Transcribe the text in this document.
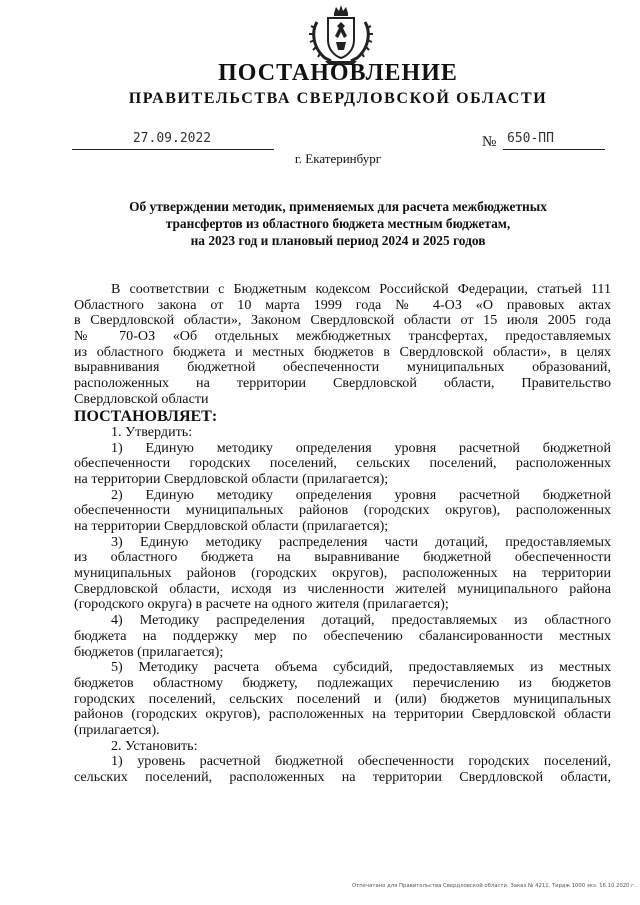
ПОСТАНОВЛЕНИЕ
ПРАВИТЕЛЬСТВА СВЕРДЛОВСКОЙ ОБЛАСТИ
27.09.2022	№ 650-ПП
г. Екатеринбург
Об утверждении методик, применяемых для расчета межбюджетных
трансфертов из областного бюджета местным бюджетам,
на 2023 год и плановый период 2024 и 2025 годов
В соответствии с Бюджетным кодексом Российской Федерации, статьей 111
Областного закона от 10 марта 1999 года № 4-ОЗ «О правовых актах
в Свердловской области», Законом Свердловской области от 15 июля 2005 года
№ 70-ОЗ «Об отдельных межбюджетных трансфертах, предоставляемых
из областного бюджета и местных бюджетов в Свердловской области», в целях
выравнивания бюджетной обеспеченности муниципальных образований,
расположенных на территории Свердловской области, Правительство
Свердловской области
ПОСТАНОВЛЯЕТ:
1. Утвердить:
1) Единую методику определения уровня расчетной бюджетной
обеспеченности городских поселений, сельских поселений, расположенных
на территории Свердловской области (прилагается);
2) Единую методику определения уровня расчетной бюджетной
обеспеченности муниципальных районов (городских округов), расположенных
на территории Свердловской области (прилагается);
3) Единую методику распределения части дотаций, предоставляемых
из областного бюджета на выравнивание бюджетной обеспеченности
муниципальных районов (городских округов), расположенных на территории
Свердловской области, исходя из численности жителей муниципального района
(городского округа) в расчете на одного жителя (прилагается);
4) Методику распределения дотаций, предоставляемых из областного
бюджета на поддержку мер по обеспечению сбалансированности местных
бюджетов (прилагается);
5) Методику расчета объема субсидий, предоставляемых из местных
бюджетов областному бюджету, подлежащих перечислению из бюджетов
городских поселений, сельских поселений и (или) бюджетов муниципальных
районов (городских округов), расположенных на территории Свердловской области
(прилагается).
2. Установить:
1) уровень расчетной бюджетной обеспеченности городских поселений,
сельских поселений, расположенных на территории Свердловской области,
Отпечатано для Правительства Свердловской области. Заказ № 4211. Тираж 1000 экз. 16.10.2020 г.
